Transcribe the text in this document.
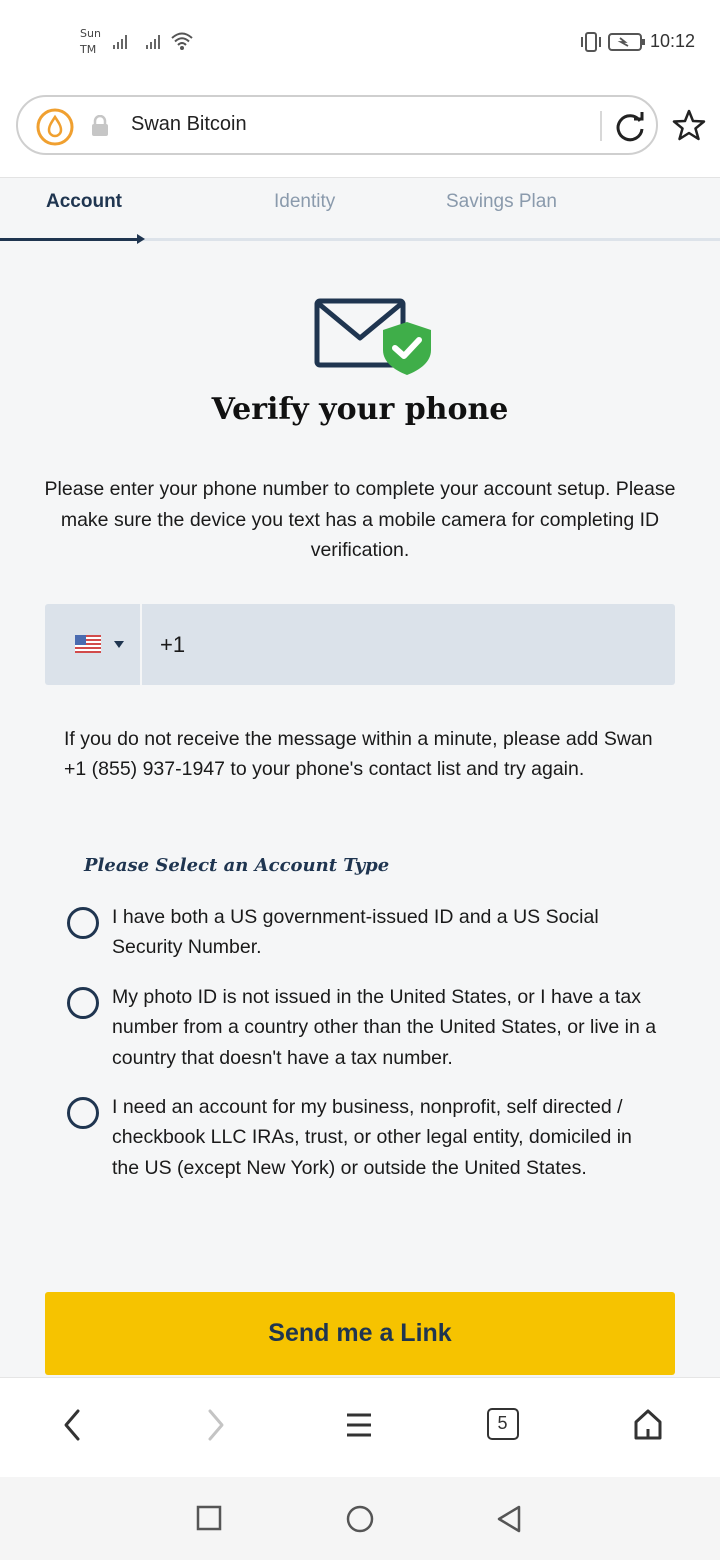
Sun
TM	10:12
Swan Bitcoin
Account	Identity	Savings Plan
Verify your phone

Please enter your phone number to complete your account setup. Please make sure the device you text has a mobile camera for completing ID verification.

+1

If you do not receive the message within a minute, please add Swan +1 (855) 937-1947 to your phone's contact list and try again.

Please Select an Account Type
I have both a US government-issued ID and a US Social Security Number.
My photo ID is not issued in the United States, or I have a tax number from a country other than the United States, or live in a country that doesn't have a tax number.
I need an account for my business, nonprofit, self directed / checkbook LLC IRAs, trust, or other legal entity, domiciled in the US (except New York) or outside the United States.
Send me a Link
5
